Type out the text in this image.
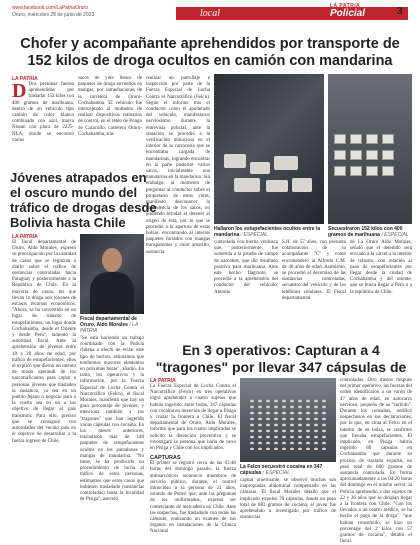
www.facebook.com/LaPatriaOruro
Oruro, miércoles 28 de junio de 2023	local
LA PATRIA
Policial	3
Chofer y acompañante aprehendidos por transporte de 152 kilos de droga ocultos en camión con mandarina
LA PATRIA
D Dos personas fueron aprehendidas por trasladar 152 kilos con 400 gramos de marihuana, dentro de un vehículo tipo camión de color blanco combinado con azul, marca Nissan con placa de 2225-NLA, donde se encontró varios
sacos de yute llenos de paquetes de droga envueltos en mangas, por inmediaciones de la carretera de Oruro-Cochabamba. El vehículo fue interceptado al momento de realizar dispositivos rutinarios de control, en el retén de Pongo de Caracollo, carretera Oruro-Cochabamba, tras
realizar un patrullaje e inspección por parte de la Fuerza Especial de Lucha Contra el Narcotráfico (Felcn). Según el informe tras el conductor como el apoderado del vehículo, manifestaron nerviosismo durante la entrevista policial, ante la situación se procedió a la verificación minuciosa en el interior de la carrocería que se encontraba cargada de mandarinas, logrando encontrar en la parte posterior varios sacos, inicialmente una mandarina en la mandarina. Sin embargo, al momento de preguntar al conductor sobre el propietario de estos yutes, manifestó desconocer la procedencia de los sacos, no pudiendo brindar al detener el origen de ésta, por lo que se procedió a la apertura de estas bolsas, encontrando al interior paquetes forrados con mangas transparentes y color amarillo, sustancia
Hallaron los estupefacientes ocultos entre la mandarina / ESPECIAL
Secuestraron 152 kilos con 400 gramos de marihuana / ESPECIAL
controlada con hierba verdusca que, posteriormente, fue sometida a la prueba de campo de narcotest, que dio resultado positivo para marihuana. Ante este hecho flagrante, se procedió a la aprehensión del conductor del vehículo, Antonio
S.H. de 57 años, con presunta colaboración de su acompañante "C" y como encomendero al Alfredo C.M. de 40 años de edad. Asimismo, se procedió al decomiso de las sustancias controladas, secuestro del vehículo y de los teléfonos celulares. El Fiscal departamental
de La Oruro Aldo Morales, señaló que el detenido será enviado a la cárcel a la interior de tránsito, con relación al paso de estupefacientes por llegar desde la ciudad de Cochabamba y del oriente, que se busca llegar a Perú o a la república de Chile.
Jóvenes atrapados en el oscuro mundo del tráfico de drogas desde Bolivia hasta Chile
LA PATRIA
El fiscal departamental de Oruro, Aldo Morales, expresó su preocupación por la cantidad de casos que se registran a diario sobre el tráfico de sustancias controladas hacia Paraguay y posteriormente a la República de Chile. En la mayoría de casos, los que llevan la droga son jóvenes de escasos recursos económicos. "Ahora, se ha convertido en un lugar de tránsito de estupefacientes, un lugar donde Cochabamba, desde el Oriente y desde Perú", lamentó la autoridad fiscal. Ante la aprehensión de jóvenes entre 18 a 28 años de edad, por tráfico de estupefacientes, ellos el explicó que dieron un intento de modo operandi de los narcotraficantes para captar a personas jóvenes que trasladen la sustancia, ya sea en un pueblo lejano o negocio para a la vuelta sea en un a los objetivo de llegar al país transmitir. Para ello, precisó que se consiguió con autoridades del vecino país en el objetivo de desarrollar a la fuerza ingreso de Chile,
Fiscal departamental de Oruro, Aldo Morales / LA PATRIA
"Se está haciendo un trabajo coordinado con la Policía chilena a efecto de evitar este tipo de hechos, estimamos que tendremos mayores elementos en próximas horas", añadió. En tanto, los operativos y la información, por la Fuerza Especial de Lucha Contra el Narcotráfico (Felcn), el fiscal Morales, manifestó que hay un gran porcentaje de jóvenes, y menciona también a los "tragones" que han ingerido varias cápsulas con cocaína. En los meses anteriores, trasladaron más de 140 paquetes de estupefacientes ocultos en los pantalones y mangas de mandarina. "No tiene, se ha producido un procedimiento de lucha al tráfico de estos personas, estimamos que estos casos que hubiesen trasladado (sustancias controladas) hasta la localidad de Pisiga", aseveró.
En 3 operativos: Capturan a 4 "tragones" por llevar 347 cápsulas de
LA PATRIA
La Fuerza Especial de Lucha Contra el Narcotráfico (Felcn) en tres operativos logró aprehender a cuatro sujetos que habían ingerido, entre todos, 347 cápsulas con cocaína en intención de llegar a Pisiga y cruzar la frontera a Chile. El fiscal departamental de Oruro, Aldo Morales, informó que para los cuatro implicados se solicitó la detención preventiva y se investigará la persona que haría de nexo en Pisiga y Chile con los implicados.
CAPTURAS
El primer se registró cerca de las 03:40 horas del domingo pasado, la fuerza antinarcóticos reconoció miembros de servicio público, durante, el control minucioso a la persona de 21 años, oriundo de Potosí que, ante las preguntas de los uniformados, expresó ser comerciante de mercadería en Chile. Ante las sospechas, fue trasladado con todas las cámaras, realizando un examen de sus órganos en instalaciones de la Clínica Nacional
La Felcn secuestró cocaína en 347 cápsulas / ESPECIAL
capital oruerioante, se observó muchas son inapropiadas abdominal compensado en las cámaras. El fiscal Morales detalló que el implicado expulsó 70 cápsulas, dando un peso total de 883 gramos de cocaína; el joven fue aprehendido a investigado por tráfico de sustancias
controladas. Otro menos después del primer operativo, las fuerzas del orden identificaron a un varón de 47 años de edad, en autocarro nervioso, pequeño de su "turbido". Durante los consultas, notificó sospechosos en sus declaraciones, por lo que, en cinta al Felcn en el interior de su bolsa, se confirmó que llevaba estupefacientes. El implicado, en Pisiga habría ingerido 80 cápsulas en Cochabamba que durante su proceso de traslado expulsó, un peso total de 860 gramos de sustancia controlada. En forma aproximadamente a las 04:20 horas del domingo en el mismo sector, la Policía aprehendió a dos sujetos de 22 y 26 años que se dirigían llegar a la frontera con Chile. "Con los llevados a un centro médico, se ha hecho el pago de la droga". "que habían consumido, se hizo un porcentaje del 2 kilos con 57 gramos de cocaína", detalló el fiscal.
